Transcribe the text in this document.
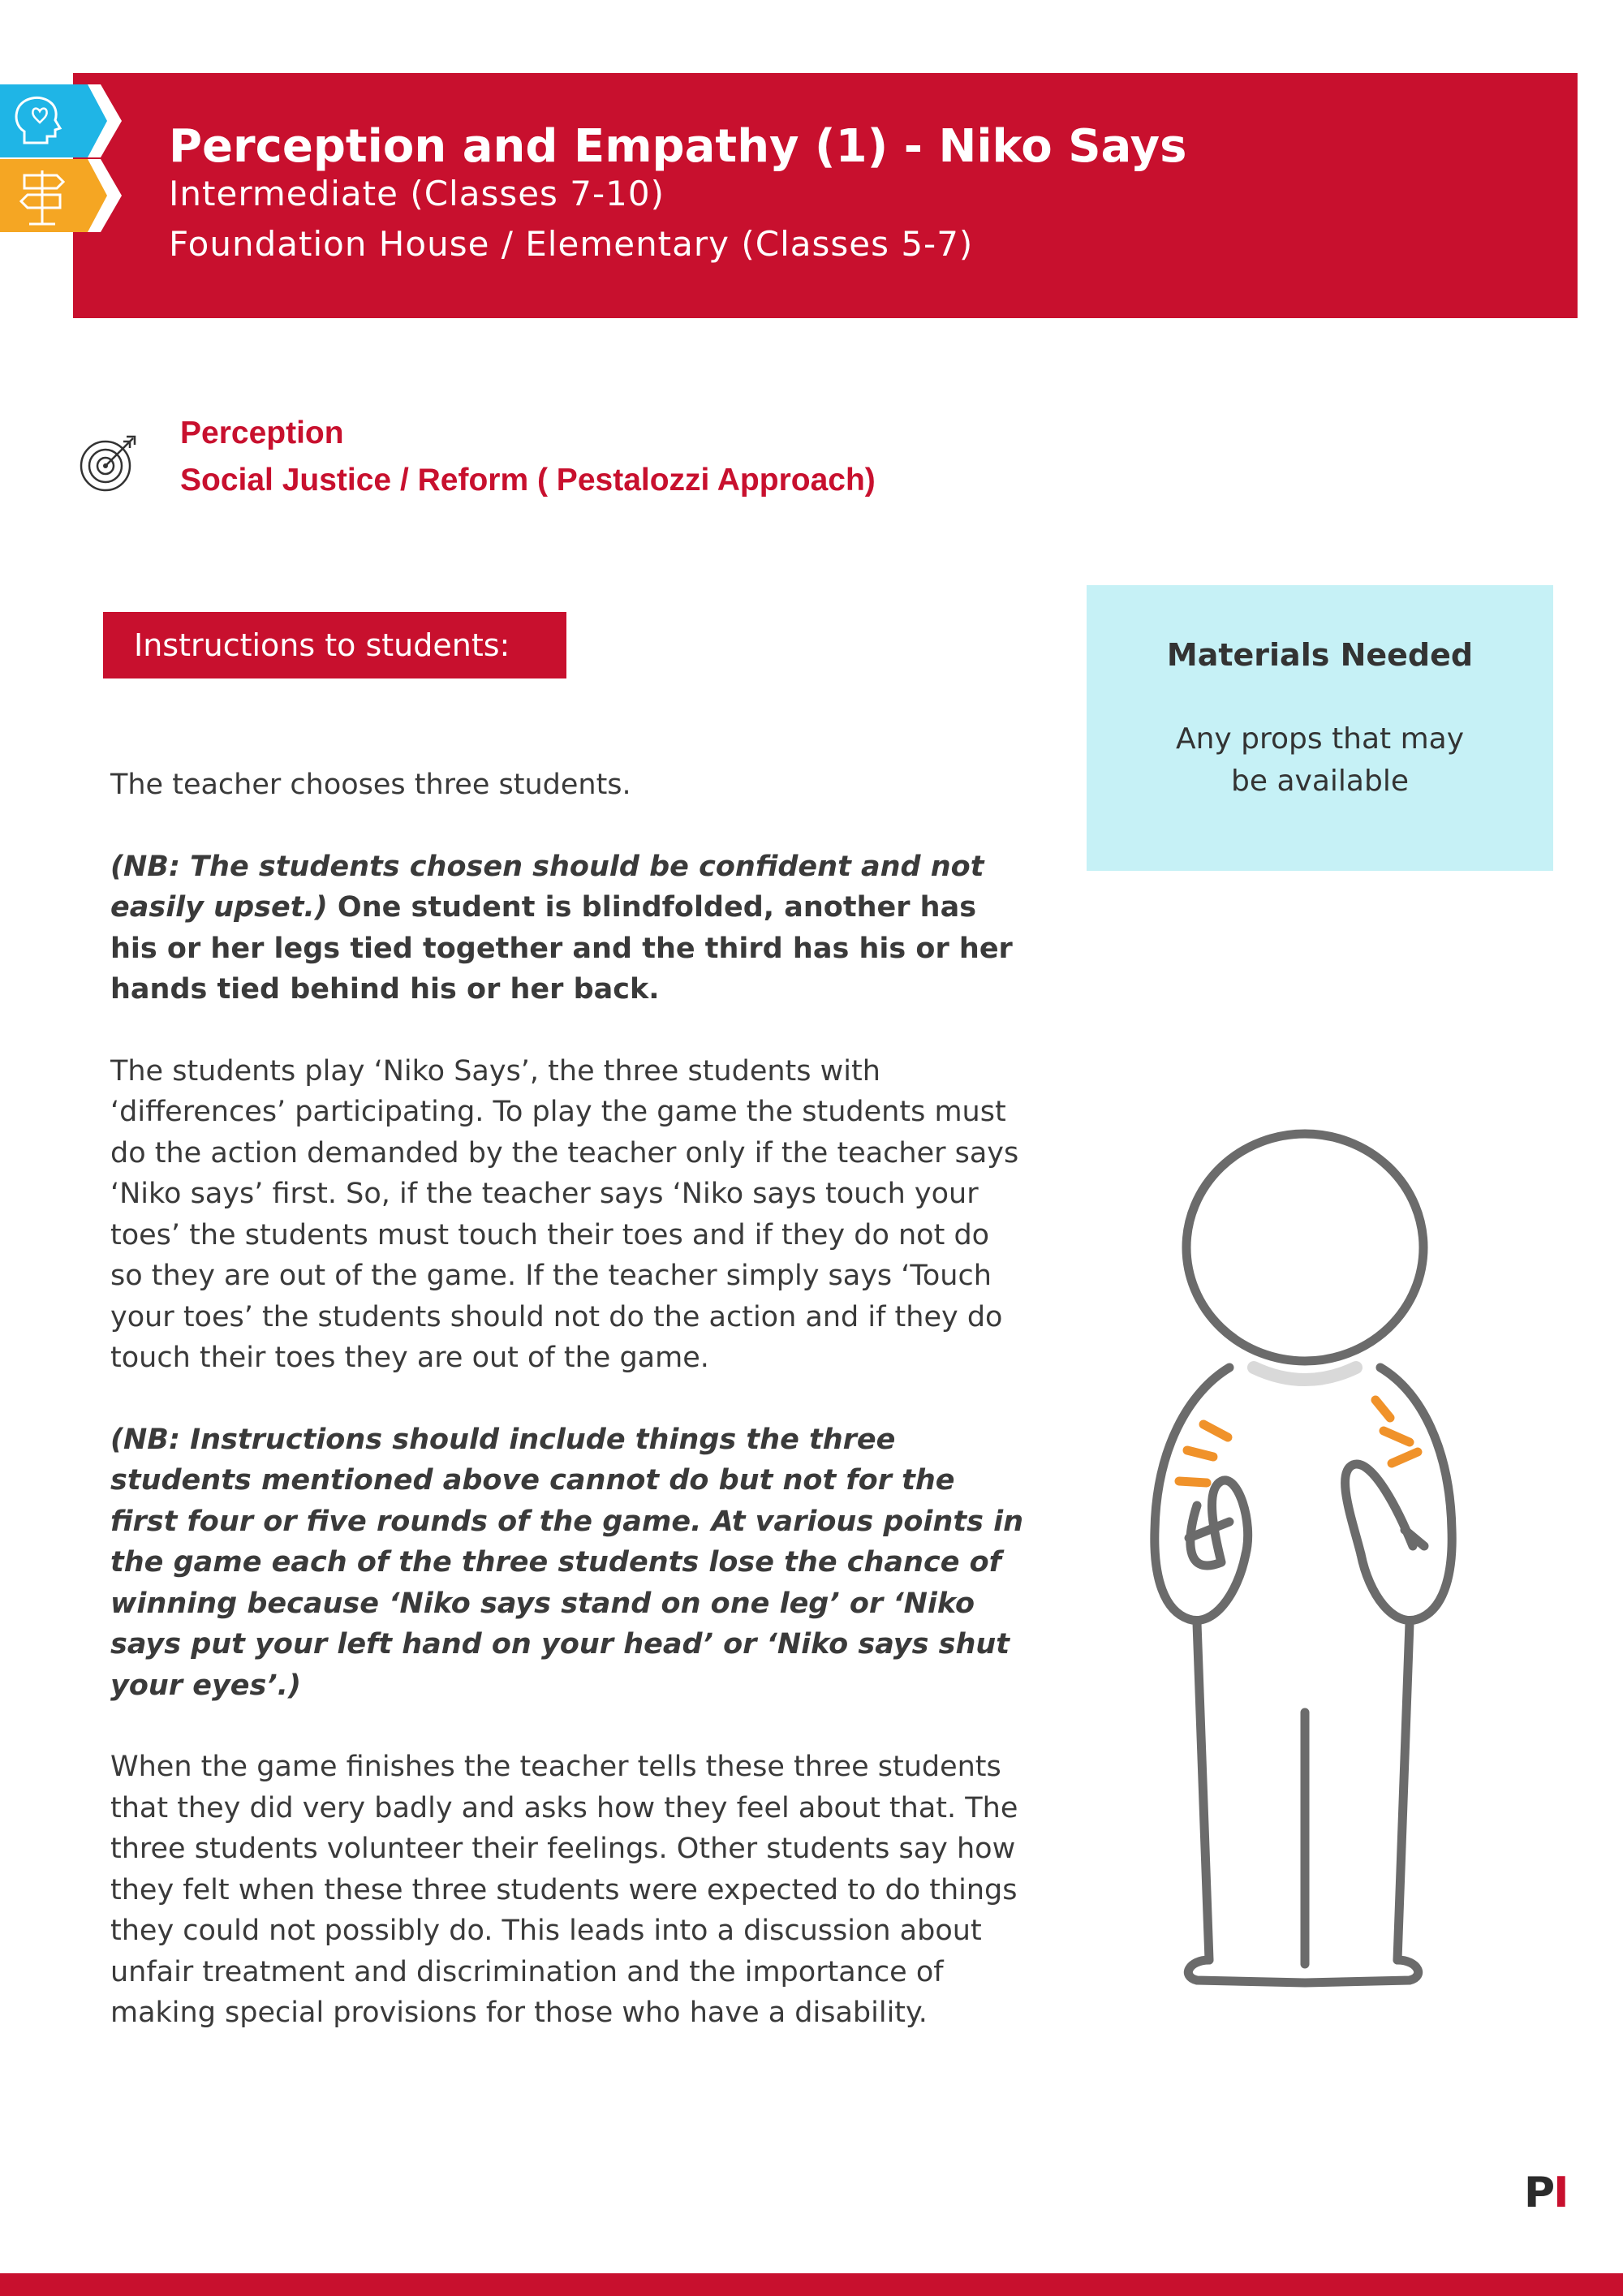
Perception and Empathy (1) - Niko Says
Intermediate (Classes 7-10)
Foundation House / Elementary (Classes 5-7)
Perception
Social Justice / Reform ( Pestalozzi Approach)
Instructions to students:

The teacher chooses three students.

(NB: The students chosen should be confident and not easily upset.) One student is blindfolded, another has his or her legs tied together and the third has his or her hands tied behind his or her back.

The students play ‘Niko Says’, the three students with ‘differences’ participating. To play the game the students must do the action demanded by the teacher only if the teacher says ‘Niko says’ first. So, if the teacher says ‘Niko says touch your toes’ the students must touch their toes and if they do not do so they are out of the game. If the teacher simply says ‘Touch your toes’ the students should not do the action and if they do touch their toes they are out of the game.

(NB: Instructions should include things the three students mentioned above cannot do but not for the first four or five rounds of the game. At various points in the game each of the three students lose the chance of winning because ‘Niko says stand on one leg’ or ‘Niko says put your left hand on your head’ or ‘Niko says shut your eyes’.)

When the game finishes the teacher tells these three students that they did very badly and asks how they feel about that. The three students volunteer their feelings. Other students say how they felt when these three students were expected to do things they could not possibly do. This leads into a discussion about unfair treatment and discrimination and the importance of making special provisions for those who have a disability.

Materials Needed
Any props that may be available
PI
